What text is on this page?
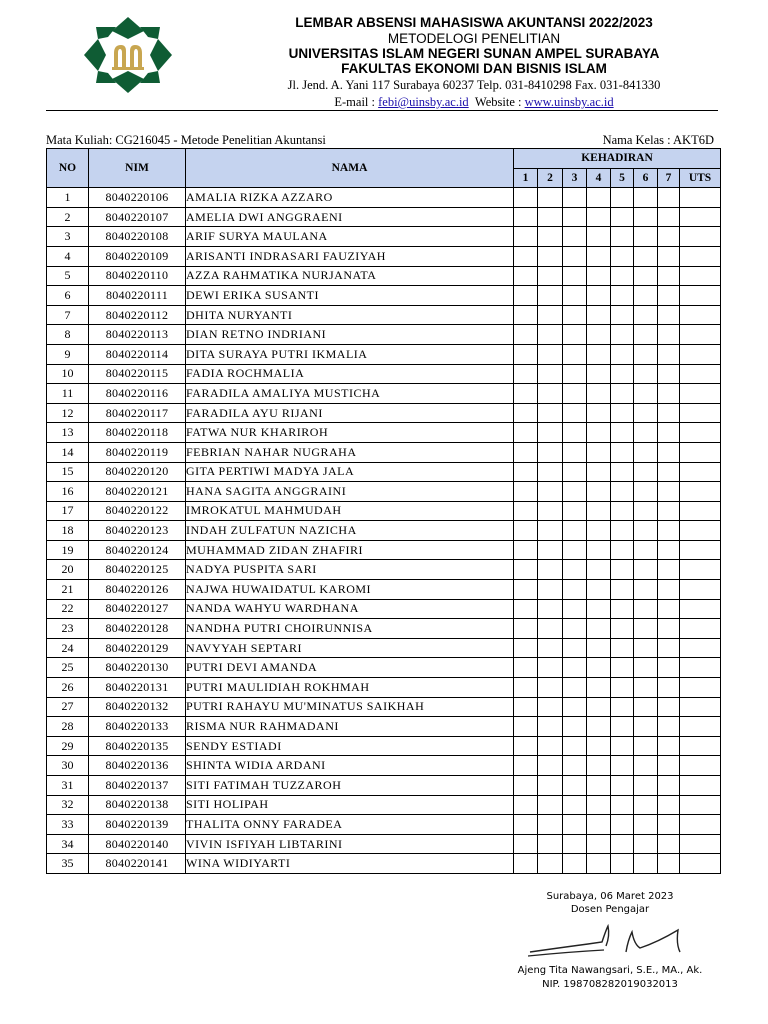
LEMBAR ABSENSI MAHASISWA AKUNTANSI 2022/2023
METODELOGI PENELITIAN
UNIVERSITAS ISLAM NEGERI SUNAN AMPEL SURABAYA
FAKULTAS EKONOMI DAN BISNIS ISLAM
Jl. Jend. A. Yani 117 Surabaya 60237 Telp. 031-8410298 Fax. 031-841330
E-mail : febi@uinsby.ac.id Website : www.uinsby.ac.id
Mata Kuliah: CG216045 - Metode Penelitian Akuntansi	Nama Kelas : AKT6D
NO	NIM	NAMA	KEHADIRAN							
			1	2	3	4	5	6	7	UTS
1	8040220106	AMALIA RIZKA AZZARO								
2	8040220107	AMELIA DWI ANGGRAENI								
3	8040220108	ARIF SURYA MAULANA								
4	8040220109	ARISANTI INDRASARI FAUZIYAH								
5	8040220110	AZZA RAHMATIKA NURJANATA								
6	8040220111	DEWI ERIKA SUSANTI								
7	8040220112	DHITA NURYANTI								
8	8040220113	DIAN RETNO INDRIANI								
9	8040220114	DITA SURAYA PUTRI IKMALIA								
10	8040220115	FADIA ROCHMALIA								
11	8040220116	FARADILA AMALIYA MUSTICHA								
12	8040220117	FARADILA AYU RIJANI								
13	8040220118	FATWA NUR KHARIROH								
14	8040220119	FEBRIAN NAHAR NUGRAHA								
15	8040220120	GITA PERTIWI MADYA JALA								
16	8040220121	HANA SAGITA ANGGRAINI								
17	8040220122	IMROKATUL MAHMUDAH								
18	8040220123	INDAH ZULFATUN NAZICHA								
19	8040220124	MUHAMMAD ZIDAN ZHAFIRI								
20	8040220125	NADYA PUSPITA SARI								
21	8040220126	NAJWA HUWAIDATUL KAROMI								
22	8040220127	NANDA WAHYU WARDHANA								
23	8040220128	NANDHA PUTRI CHOIRUNNISA								
24	8040220129	NAVYYAH SEPTARI								
25	8040220130	PUTRI DEVI AMANDA								
26	8040220131	PUTRI MAULIDIAH ROKHMAH								
27	8040220132	PUTRI RAHAYU MU'MINATUS SAIKHAH								
28	8040220133	RISMA NUR RAHMADANI								
29	8040220135	SENDY ESTIADI								
30	8040220136	SHINTA WIDIA ARDANI								
31	8040220137	SITI FATIMAH TUZZAROH								
32	8040220138	SITI HOLIPAH								
33	8040220139	THALITA ONNY FARADEA								
34	8040220140	VIVIN ISFIYAH LIBTARINI								
35	8040220141	WINA WIDIYARTI								
Surabaya, 06 Maret 2023
Dosen Pengajar
Ajeng Tita Nawangsari, S.E., MA., Ak.
NIP. 198708282019032013
